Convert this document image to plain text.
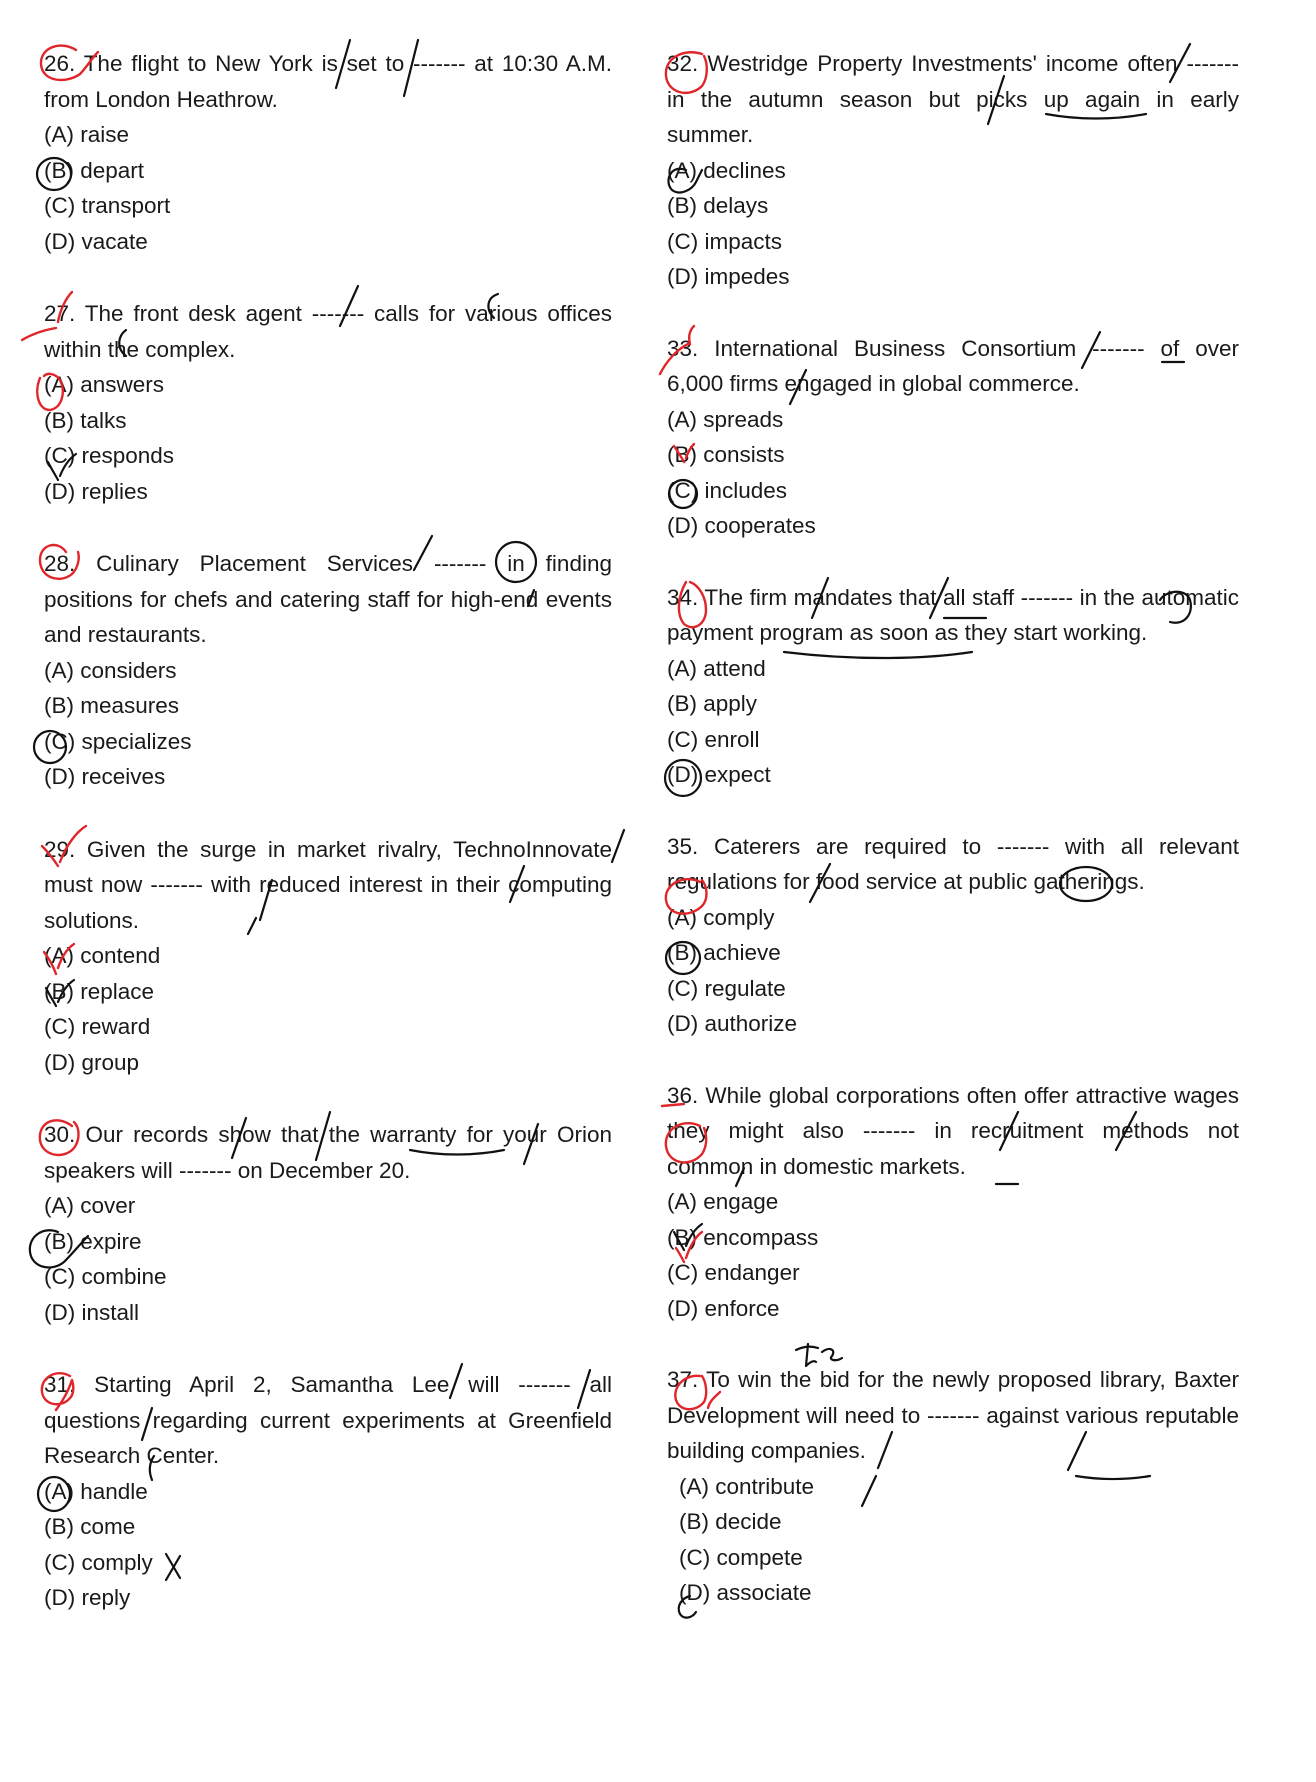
26. The flight to New York is set to ------- at 10:30 A.M. from London Heathrow.

(A) raise

(B) depart

(C) transport

(D) vacate

27. The front desk agent ------- calls for various offices within the complex.

(A) answers

(B) talks

(C) responds

(D) replies

28. Culinary Placement Services ------- in finding positions for chefs and catering staff for high-end events and restaurants.

(A) considers

(B) measures

(C) specializes

(D) receives

29. Given the surge in market rivalry, TechnoInnovate must now ------- with reduced interest in their computing solutions.

(A) contend

(B) replace

(C) reward

(D) group

30. Our records show that the warranty for your Orion speakers will ------- on December 20.

(A) cover

(B) expire

(C) combine

(D) install

31. Starting April 2, Samantha Lee will ------- all questions regarding current experiments at Greenfield Research Center.

(A) handle

(B) come

(C) comply

(D) reply

32. Westridge Property Investments' income often ------- in the autumn season but picks up again in early summer.

(A) declines

(B) delays

(C) impacts

(D) impedes

33. International Business Consortium ------- of over 6,000 firms engaged in global commerce.

(A) spreads

(B) consists

(C) includes

(D) cooperates

34. The firm mandates that all staff ------- in the automatic payment program as soon as they start working.

(A) attend

(B) apply

(C) enroll

(D) expect

35. Caterers are required to ------- with all relevant regulations for food service at public gatherings.

(A) comply

(B) achieve

(C) regulate

(D) authorize

36. While global corporations often offer attractive wages they might also ------- in recruitment methods not common in domestic markets.

(A) engage

(B) encompass

(C) endanger

(D) enforce

37. To win the bid for the newly proposed library, Baxter Development will need to ------- against various reputable building companies.

(A) contribute

(B) decide

(C) compete

(D) associate
